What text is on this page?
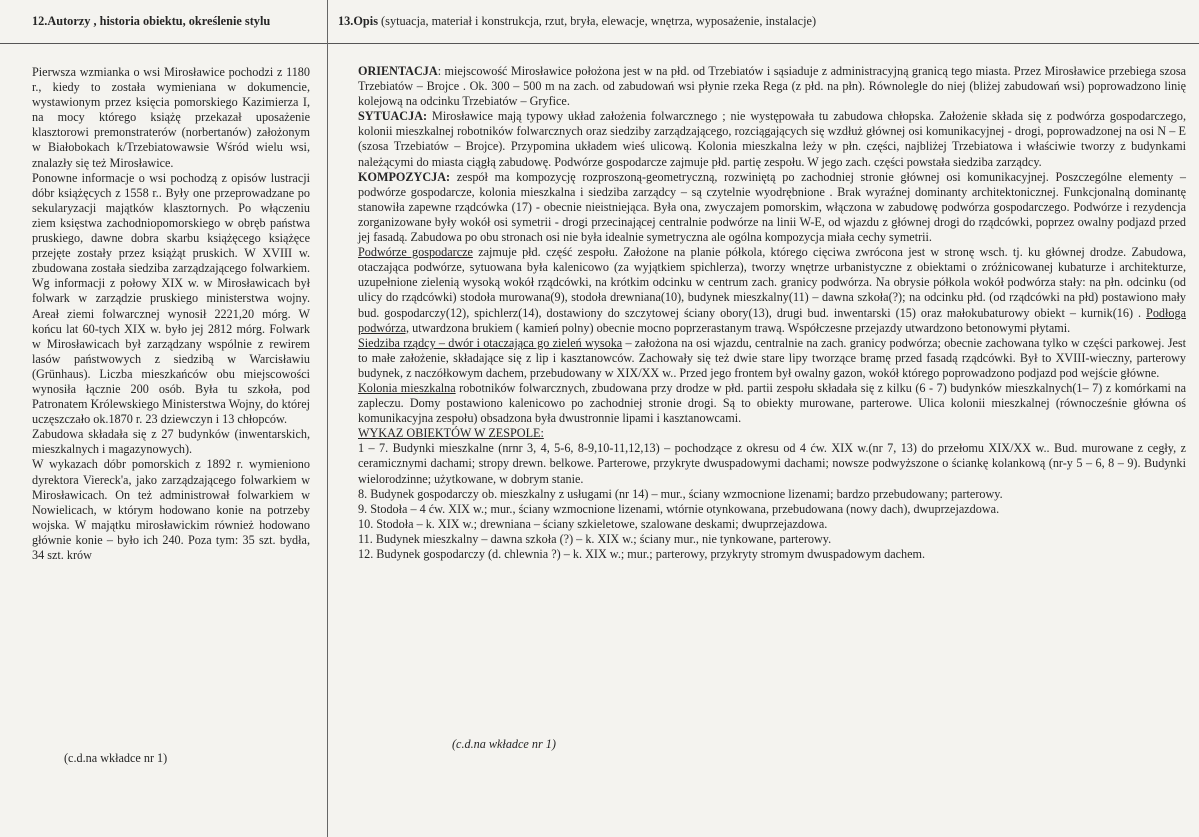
12.Autorzy , historia obiektu, określenie stylu

Pierwsza wzmianka o wsi Mirosławice pochodzi z 1180 r., kiedy to została wymieniana w dokumencie, wystawionym przez księcia pomorskiego Kazimierza I, na mocy którego książę przekazał uposażenie klasztorowi premonstraterów (norbertanów) założonym w Białobokach k/Trzebiatowawsie Wśród wielu wsi, znalazły się też Mirosławice.

Ponowne informacje o wsi pochodzą z opisów lustracji dóbr książęcych z 1558 r.. Były one przeprowadzane po sekularyzacji majątków klasztornych. Po włączeniu ziem księstwa zachodniopomorskiego w obręb państwa pruskiego, dawne dobra skarbu książęcego książęce przejęte zostały przez książąt pruskich. W XVIII w. zbudowana została siedziba zarządzającego folwarkiem. Wg informacji z połowy XIX w. w Mirosławicach był folwark w zarządzie pruskiego ministerstwa wojny. Areał ziemi folwarcznej wynosił 2221,20 mórg. W końcu lat 60-tych XIX w. było jej 2812 mórg. Folwark w Mirosławicach był zarządzany wspólnie z rewirem lasów państwowych z siedzibą w Warcisławiu (Grünhaus). Liczba mieszkańców obu miejscowości wynosiła łącznie 200 osób. Była tu szkoła, pod Patronatem Królewskiego Ministerstwa Wojny, do której uczęszczało ok.1870 r. 23 dziewczyn i 13 chłopców.

Zabudowa składała się z 27 budynków (inwentarskich, mieszkalnych i magazynowych).

W wykazach dóbr pomorskich z 1892 r. wymieniono dyrektora Viereck'a, jako zarządzającego folwarkiem w Mirosławicach. On też administrował folwarkiem w Nowielicach, w którym hodowano konie na potrzeby wojska. W majątku mirosławickim również hodowano głównie konie – było ich 240. Poza tym: 35 szt. bydła, 34 szt. krów

(c.d.na wkładce nr 1)

13.Opis (sytuacja, materiał i konstrukcja, rzut, bryła, elewacje, wnętrza, wyposażenie, instalacje)

ORIENTACJA: miejscowość Mirosławice położona jest w na płd. od Trzebiatów i sąsiaduje z administracyjną granicą tego miasta. Przez Mirosławice przebiega szosa Trzebiatów – Brojce . Ok. 300 – 500 m na zach. od zabudowań wsi płynie rzeka Rega (z płd. na płn). Równolegle do niej (bliżej zabudowań wsi) poprowadzono linię kolejową na odcinku Trzebiatów – Gryfice.

SYTUACJA: Mirosławice mają typowy układ założenia folwarcznego ; nie występowała tu zabudowa chłopska. Założenie składa się z podwórza gospodarczego, kolonii mieszkalnej robotników folwarcznych oraz siedziby zarządzającego, rozciągających się wzdłuż głównej osi komunikacyjnej - drogi, poprowadzonej na osi N – E (szosa Trzebiatów – Brojce). Przypomina układem wieś ulicową. Kolonia mieszkalna leży w płn. części, najbliżej Trzebiatowa i właściwie tworzy z budynkami należącymi do miasta ciągłą zabudowę. Podwórze gospodarcze zajmuje płd. partię zespołu. W jego zach. części powstała siedziba zarządcy.

KOMPOZYCJA: zespół ma kompozycję rozproszoną-geometryczną, rozwiniętą po zachodniej stronie głównej osi komunikacyjnej. Poszczególne elementy – podwórze gospodarcze, kolonia mieszkalna i siedziba zarządcy – są czytelnie wyodrębnione . Brak wyraźnej dominanty architektonicznej. Funkcjonalną dominantę stanowiła zapewne rządcówka (17) - obecnie nieistniejąca. Była ona, zwyczajem pomorskim, włączona w zabudowę podwórza gospodarczego. Podwórze i rezydencja zorganizowane były wokół osi symetrii - drogi przecinającej centralnie podwórze na linii W-E, od wjazdu z głównej drogi do rządcówki, poprzez owalny podjazd przed jej fasadą. Zabudowa po obu stronach osi nie była idealnie symetryczna ale ogólna kompozycja miała cechy symetrii.

Podwórze gospodarcze zajmuje płd. część zespołu. Założone na planie półkola, którego cięciwa zwrócona jest w stronę wsch. tj. ku głównej drodze. Zabudowa, otaczająca podwórze, sytuowana była kalenicowo (za wyjątkiem spichlerza), tworzy wnętrze urbanistyczne z obiektami o zróżnicowanej kubaturze i architekturze, uzupełnione zielenią wysoką wokół rządcówki, na krótkim odcinku w centrum zach. granicy podwórza. Na obrysie półkola wokół podwórza stały: na płn. odcinku (od ulicy do rządcówki) stodoła murowana(9), stodoła drewniana(10), budynek mieszkalny(11) – dawna szkoła(?); na odcinku płd. (od rządcówki na płd) postawiono mały bud. gospodarczy(12), spichlerz(14), dostawiony do szczytowej ściany obory(13), drugi bud. inwentarski (15) oraz małokubaturowy obiekt – kurnik(16) . Podłoga podwórza, utwardzona brukiem ( kamień polny) obecnie mocno poprzerastanym trawą. Współczesne przejazdy utwardzono betonowymi płytami.

Siedziba rządcy – dwór i otaczająca go zieleń wysoka – założona na osi wjazdu, centralnie na zach. granicy podwórza; obecnie zachowana tylko w części parkowej. Jest to małe założenie, składające się z lip i kasztanowców. Zachowały się też dwie stare lipy tworzące bramę przed fasadą rządcówki. Był to XVIII-wieczny, parterowy budynek, z naczółkowym dachem, przebudowany w XIX/XX w.. Przed jego frontem był owalny gazon, wokół którego poprowadzono podjazd pod wejście główne.

Kolonia mieszkalna robotników folwarcznych, zbudowana przy drodze w płd. partii zespołu składała się z kilku (6 - 7) budynków mieszkalnych(1– 7) z komórkami na zapleczu. Domy postawiono kalenicowo po zachodniej stronie drogi. Są to obiekty murowane, parterowe. Ulica kolonii mieszkalnej (równocześnie główna oś komunikacyjna zespołu) obsadzona była dwustronnie lipami i kasztanowcami.

WYKAZ OBIEKTÓW W ZESPOLE:

1 – 7. Budynki mieszkalne (nrnr 3, 4, 5-6, 8-9,10-11,12,13) – pochodzące z okresu od 4 ćw. XIX w.(nr 7, 13) do przełomu XIX/XX w.. Bud. murowane z cegły, z ceramicznymi dachami; stropy drewn. belkowe. Parterowe, przykryte dwuspadowymi dachami; nowsze podwyższone o ściankę kolankową (nr-y 5 – 6, 8 – 9). Budynki wielorodzinne; użytkowane, w dobrym stanie.

8. Budynek gospodarczy ob. mieszkalny z usługami (nr 14) – mur., ściany wzmocnione lizenami; bardzo przebudowany; parterowy.

9. Stodoła – 4 ćw. XIX w.; mur., ściany wzmocnione lizenami, wtórnie otynkowana, przebudowana (nowy dach), dwuprzejazdowa.

10. Stodoła – k. XIX w.; drewniana – ściany szkieletowe, szalowane deskami; dwuprzejazdowa.

11. Budynek mieszkalny – dawna szkoła (?) – k. XIX w.; ściany mur., nie tynkowane, parterowy.

12. Budynek gospodarczy (d. chlewnia ?) – k. XIX w.; mur.; parterowy, przykryty stromym dwuspadowym dachem.

(c.d.na wkładce nr 1)
